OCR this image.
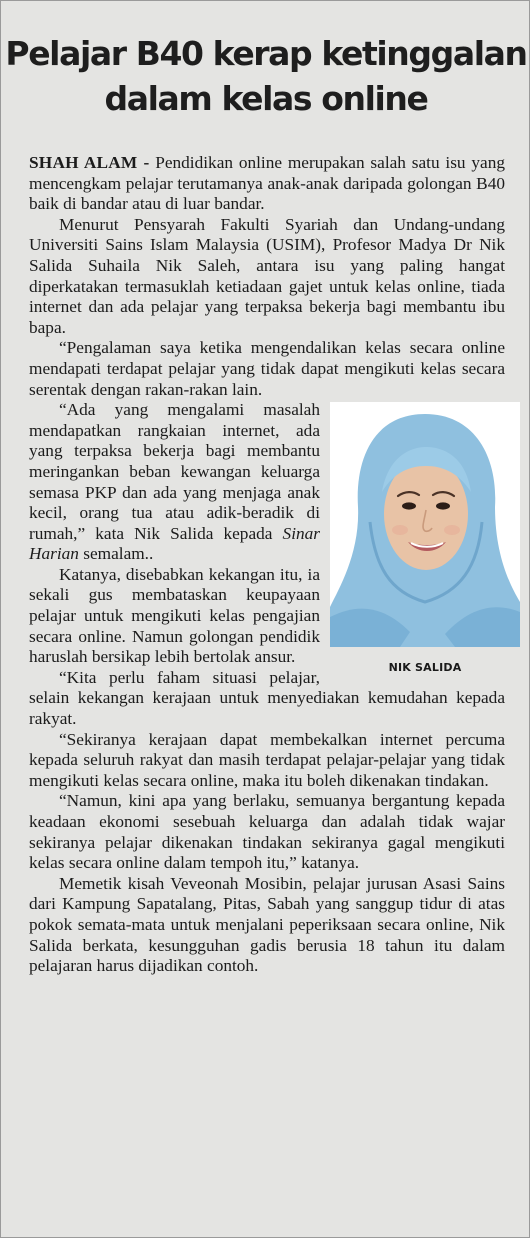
Pelajar B40 kerap ketinggalan
dalam kelas online

SHAH ALAM - Pendidikan online merupakan salah satu isu yang mencengkam pelajar terutamanya anak-anak daripada golongan B40 baik di bandar atau di luar bandar.

Menurut Pensyarah Fakulti Syariah dan Undang-undang Universiti Sains Islam Malaysia (USIM), Profesor Madya Dr Nik Salida Suhaila Nik Saleh, antara isu yang paling hangat diperkatakan termasuklah ketiadaan gajet untuk kelas online, tiada internet dan ada pelajar yang terpaksa bekerja bagi membantu ibu bapa.

“Pengalaman saya ketika mengendalikan kelas secara online mendapati terdapat pelajar yang tidak dapat mengikuti kelas secara serentak dengan rakan-rakan lain.

NIK SALIDA

“Ada yang mengalami masalah mendapatkan rangkaian internet, ada yang terpaksa bekerja bagi membantu meringankan beban kewangan keluarga semasa PKP dan ada yang menjaga anak kecil, orang tua atau adik-beradik di rumah,” kata Nik Salida kepada Sinar Harian semalam..

Katanya, disebabkan kekangan itu, ia sekali gus membataskan keupayaan pelajar untuk mengikuti kelas pengajian secara online. Namun golongan pendidik haruslah bersikap lebih bertolak ansur.

“Kita perlu faham situasi pelajar, selain kekangan kerajaan untuk menyediakan kemudahan kepada rakyat.

“Sekiranya kerajaan dapat membekalkan internet percuma kepada seluruh rakyat dan masih terdapat pelajar-pelajar yang tidak mengikuti kelas secara online, maka itu boleh dikenakan tindakan.

“Namun, kini apa yang berlaku, semuanya bergantung kepada keadaan ekonomi sesebuah keluarga dan adalah tidak wajar sekiranya pelajar dikenakan tindakan sekiranya gagal mengikuti kelas secara online dalam tempoh itu,” katanya.

Memetik kisah Veveonah Mosibin, pelajar jurusan Asasi Sains dari Kampung Sapatalang, Pitas, Sabah yang sanggup tidur di atas pokok semata-mata untuk menjalani peperiksaan secara online, Nik Salida berkata, kesungguhan gadis berusia 18 tahun itu dalam pelajaran harus dijadikan contoh.
